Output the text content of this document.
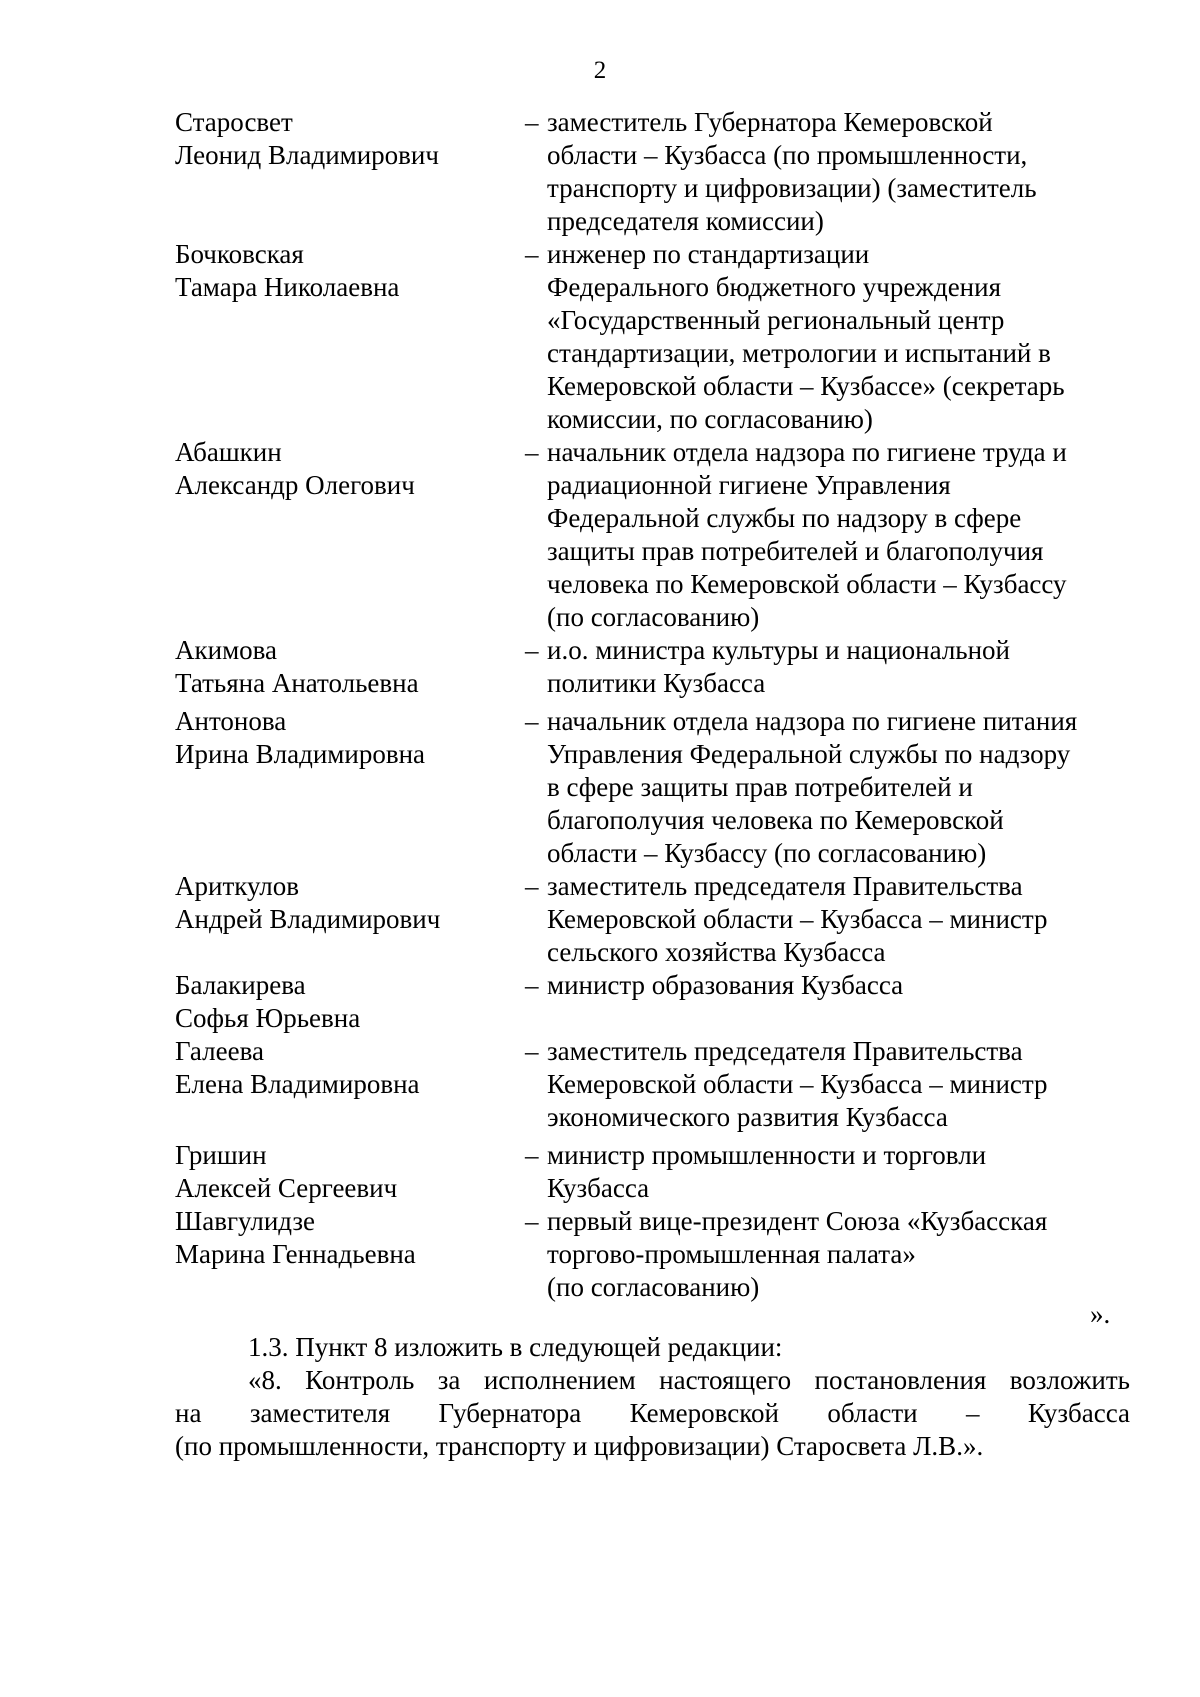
2
Старосвет
Леонид Владимирович
– заместитель Губернатора Кемеровской
области – Кузбасса (по промышленности,
транспорту и цифровизации) (заместитель
председателя комиссии)
Бочковская
Тамара Николаевна
– инженер по стандартизации
Федерального бюджетного учреждения
«Государственный региональный центр
стандартизации, метрологии и испытаний в
Кемеровской области – Кузбассе» (секретарь
комиссии, по согласованию)
Абашкин
Александр Олегович
– начальник отдела надзора по гигиене труда и
радиационной гигиене Управления
Федеральной службы по надзору в сфере
защиты прав потребителей и благополучия
человека по Кемеровской области – Кузбассу
(по согласованию)
Акимова
Татьяна Анатольевна
– и.о. министра культуры и национальной
политики Кузбасса
Антонова
Ирина Владимировна
– начальник отдела надзора по гигиене питания
Управления Федеральной службы по надзору
в сфере защиты прав потребителей и
благополучия человека по Кемеровской
области – Кузбассу (по согласованию)
Ариткулов
Андрей Владимирович
– заместитель председателя Правительства
Кемеровской области – Кузбасса – министр
сельского хозяйства Кузбасса
Балакирева
Софья Юрьевна
– министр образования Кузбасса
Галеева
Елена Владимировна
– заместитель председателя Правительства
Кемеровской области – Кузбасса – министр
экономического развития Кузбасса
Гришин
Алексей Сергеевич
– министр промышленности и торговли
Кузбасса
Шавгулидзе
Марина Геннадьевна
– первый вице-президент Союза «Кузбасская
торгово-промышленная палата»
(по согласованию)
».
1.3. Пункт 8 изложить в следующей редакции:
«8. Контроль за исполнением настоящего постановления возложить
на заместителя Губернатора Кемеровской области – Кузбасса
(по промышленности, транспорту и цифровизации) Старосвета Л.В.».
